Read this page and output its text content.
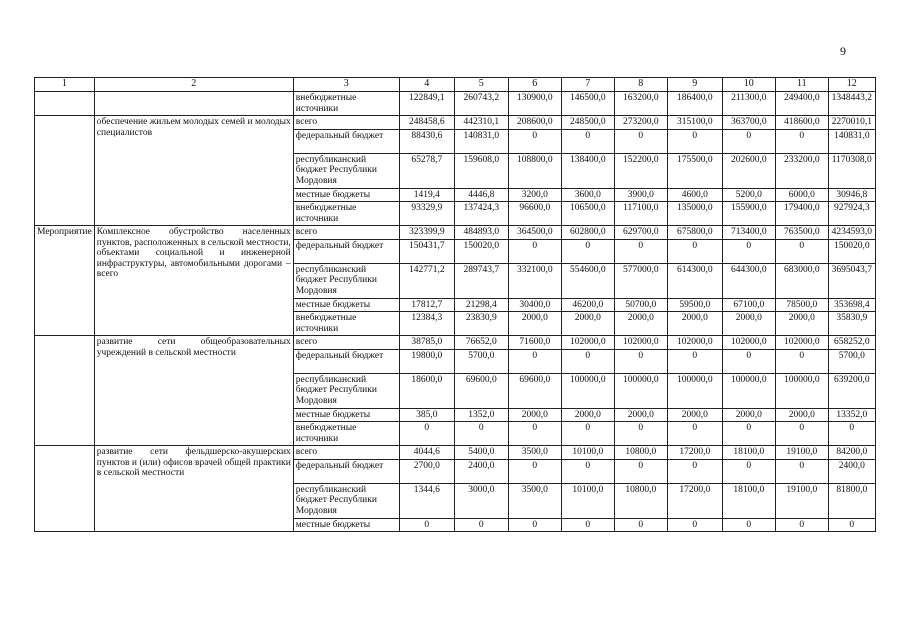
9
1	2	3	4	5	6	7	8	9	10	11	12
		внебюджетные источники	122849,1	260743,2	130900,0	146500,0	163200,0	186400,0	211300,0	249400,0	1348443,2
	обеспечение жильем молодых семей и молодых специалистов	всего	248458,6	442310,1	208600,0	248500,0	273200,0	315100,0	363700,0	418600,0	2270010,1
		федеральный бюджет	88430,6	140831,0	0	0	0	0	0	0	140831,0
		республиканский бюджет Республики Мордовия	65278,7	159608,0	108800,0	138400,0	152200,0	175500,0	202600,0	233200,0	1170308,0
		местные бюджеты	1419,4	4446,8	3200,0	3600,0	3900,0	4600,0	5200,0	6000,0	30946,8
		внебюджетные источники	93329,9	137424,3	96600,0	106500,0	117100,0	135000,0	155900,0	179400,0	927924,3
Мероприятие	Комплексное обустройство населенных пунктов, расположенных в сельской местности, объектами социальной и инженерной инфраструктуры, автомобильными дорогами – всего	всего	323399,9	484893,0	364500,0	602800,0	629700,0	675800,0	713400,0	763500,0	4234593,0
		федеральный бюджет	150431,7	150020,0	0	0	0	0	0	0	150020,0
		республиканский бюджет Республики Мордовия	142771,2	289743,7	332100,0	554600,0	577000,0	614300,0	644300,0	683000,0	3695043,7
		местные бюджеты	17812,7	21298,4	30400,0	46200,0	50700,0	59500,0	67100,0	78500,0	353698,4
		внебюджетные источники	12384,3	23830,9	2000,0	2000,0	2000,0	2000,0	2000,0	2000,0	35830,9
	развитие сети общеобразовательных учреждений в сельской местности	всего	38785,0	76652,0	71600,0	102000,0	102000,0	102000,0	102000,0	102000,0	658252,0
		федеральный бюджет	19800,0	5700,0	0	0	0	0	0	0	5700,0
		республиканский бюджет Республики Мордовия	18600,0	69600,0	69600,0	100000,0	100000,0	100000,0	100000,0	100000,0	639200,0
		местные бюджеты	385,0	1352,0	2000,0	2000,0	2000,0	2000,0	2000,0	2000,0	13352,0
		внебюджетные источники	0	0	0	0	0	0	0	0	0
	развитие сети фельдшерско-акушерских пунктов и (или) офисов врачей общей практики в сельской местности	всего	4044,6	5400,0	3500,0	10100,0	10800,0	17200,0	18100,0	19100,0	84200,0
		федеральный бюджет	2700,0	2400,0	0	0	0	0	0	0	2400,0
		республиканский бюджет Республики Мордовия	1344,6	3000,0	3500,0	10100,0	10800,0	17200,0	18100,0	19100,0	81800,0
		местные бюджеты	0	0	0	0	0	0	0	0	0
